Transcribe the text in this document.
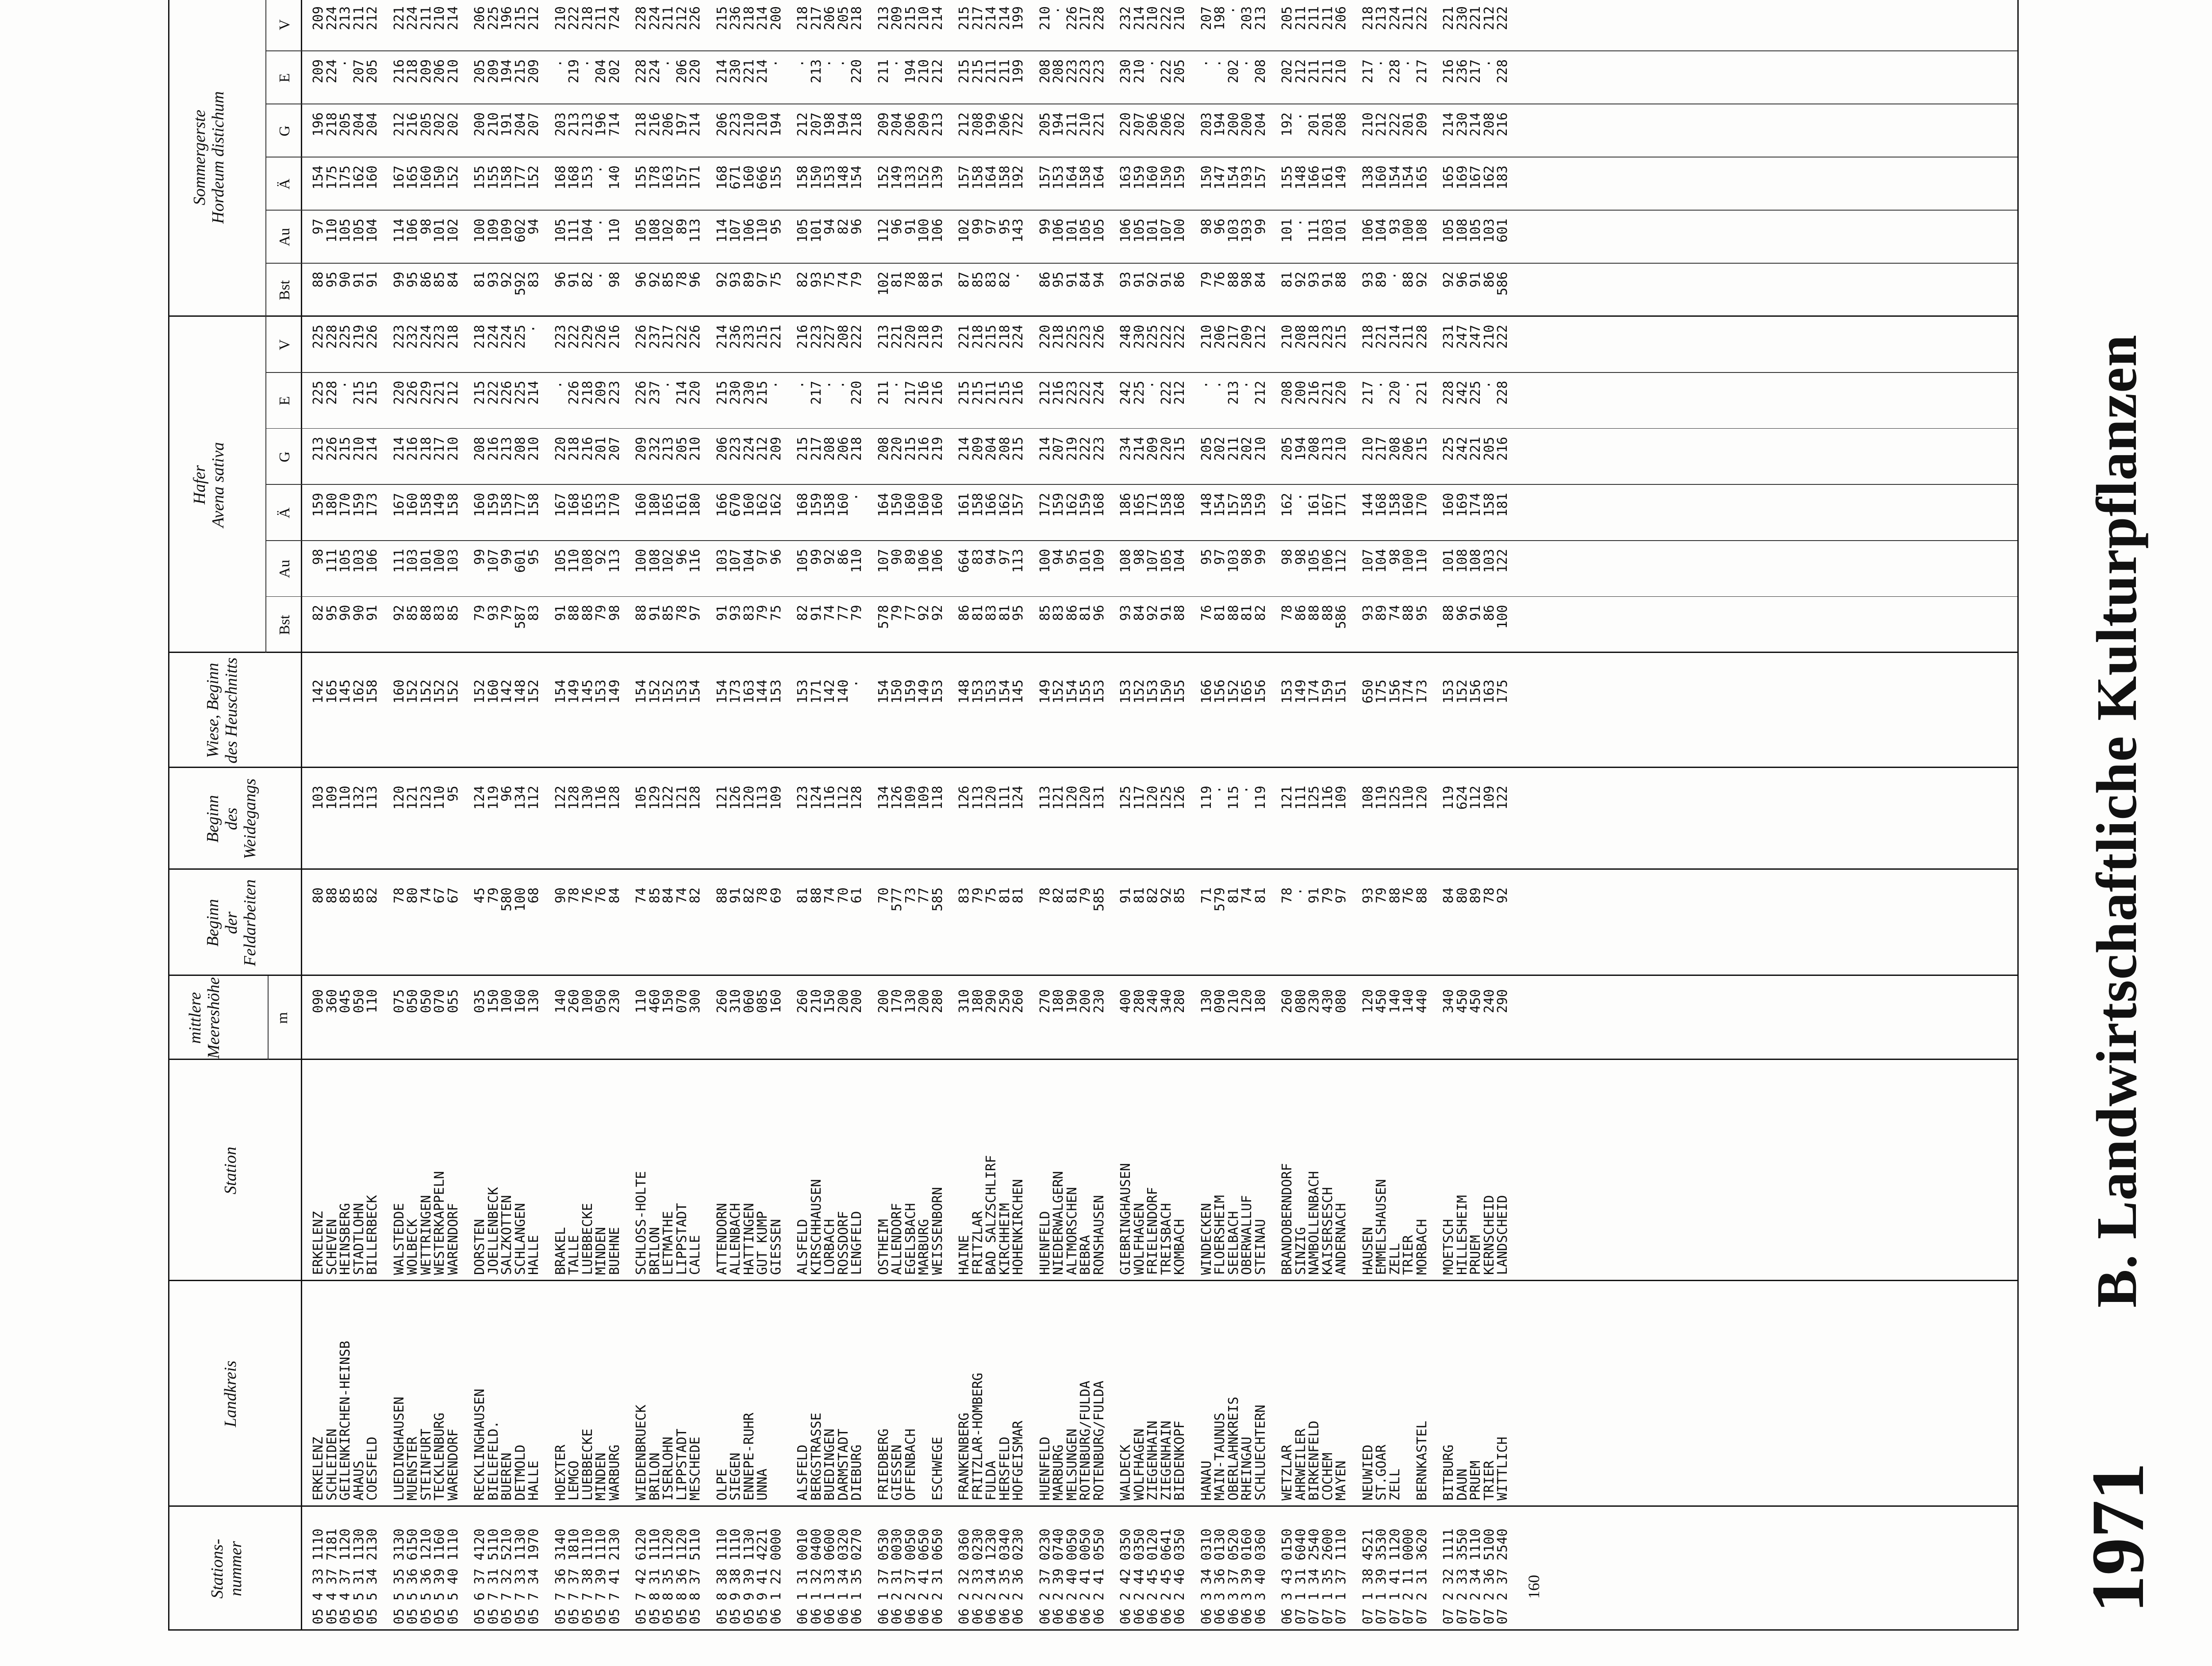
1971
B. Landwirtschaftliche Kulturpflanzen
Stations-
nummer
Landkreis
Station
mittlere
Meereshöhe	m
Beginn
der Feldarbeiten
Beginn
des Weidegangs
Wiese, Beginn
des Heuschnitts
Hafer
Avena sativa
Sommergerste
Hordeum distichum
Bst
Bst
Au
Au
Ä
Ä
G
G
E
E
V
V
05 4 33 1110
ERKELENZ
ERKELENZ
090
80
103
142
82
88
98
97
159
154
213
196
225
209
225
209
05 4 37 7181
SCHLEIDEN
SCHEVEN
360
88
109
165
95
95
111
110
180
175
226
218
228
224
228
224
05 4 37 1120
GEILENKIRCHEN-HEINSB
HEINSBERG
045
85
110
145
90
90
105
105
170
175
215
205
·
·
225
213
05 5 31 1130
AHAUS
STADTLOHN
050
85
132
162
90
91
103
105
159
162
210
204
215
207
219
211
05 5 34 2130
COESFELD
BILLERBECK
110
82
113
158
91
91
106
104
173
160
214
204
215
205
226
212
05 5 35 3130
LUEDINGHAUSEN
WALSTEDDE
075
78
120
160
92
99
111
114
167
167
214
212
220
216
223
221
05 5 36 6150
MUENSTER
WOLBECK
050
80
121
152
85
95
103
106
160
165
216
216
226
218
232
224
05 5 36 1210
STEINFURT
WETTRINGEN
050
74
123
152
88
86
101
98
158
160
218
205
229
209
224
211
05 5 39 1160
TECKLENBURG
WESTERKAPPELN
070
67
110
152
83
85
100
101
149
150
217
202
221
206
223
210
05 5 40 1110
WARENDORF
WARENDORF
055
67
95
152
85
84
103
102
158
152
210
202
212
210
218
214
05 6 37 4120
RECKLINGHAUSEN
DORSTEN
035
45
124
152
79
81
99
100
160
155
208
200
215
205
218
206
05 7 31 5110
BIELEFELD.
JOELLENBECK
150
79
119
160
93
93
107
109
159
155
216
210
222
209
224
225
05 7 32 5210
BUEREN
SALZKOTTEN
100
580
96
142
79
92
99
109
158
158
213
191
226
194
224
196
05 7 33 1130
DETMOLD
SCHLANGEN
160
100
134
148
587
592
601
602
177
177
208
204
225
215
225
215
05 7 34 1970
HALLE
HALLE
130
68
112
152
83
83
95
94
158
152
210
207
214
209
·
212
05 7 36 3140
HOEXTER
BRAKEL
140
90
122
154
91
96
105
105
167
168
220
203
·
·
223
210
05 7 37 1810
LEMGO
TALLE
260
78
128
149
88
91
110
111
168
168
218
213
226
219
222
222
05 7 38 1110
LUEBBECKE
LUEBBECKE
100
76
130
145
88
82
108
104
165
153
216
213
218
·
229
218
05 7 39 1110
MINDEN
MINDEN
050
76
116
153
79
·
92
·
153
·
201
196
209
204
226
211
05 7 41 2130
WARBURG
BUEHNE
230
84
128
149
98
98
113
110
170
140
207
714
223
202
216
724
05 7 42 6120
WIEDENBRUECK
SCHLOSS-HOLTE
110
74
105
154
88
96
100
105
160
155
209
218
226
228
226
228
05 8 31 1110
BRILON
BRILON
460
85
129
152
91
92
108
108
180
178
232
216
237
224
237
224
05 8 35 1120
ISERLOHN
LETMATHE
150
84
122
152
85
85
102
102
165
163
213
206
·
·
217
211
05 8 36 1120
LIPPSTADT
LIPPSTADT
070
74
121
153
78
78
96
89
161
157
205
197
214
206
222
212
05 8 37 5110
MESCHEDE
CALLE
300
82
128
154
97
96
116
113
180
171
210
214
220
220
226
226
05 8 38 1110
OLPE
ATTENDORN
260
88
121
154
91
92
103
114
166
168
206
206
215
214
214
215
05 9 38 1110
SIEGEN
ALLENBACH
310
91
126
173
93
93
107
107
670
671
223
223
230
230
236
236
05 9 39 1130
ENNEPE-RUHR
HATTINGEN
060
82
120
163
83
89
104
106
160
160
224
210
230
221
233
218
05 9 41 4221
UNNA
GUT KUMP
085
78
113
144
79
97
97
110
162
666
212
210
215
214
215
214
06 1 22 0000
GIESSEN
160
69
109
153
75
75
96
95
162
155
209
194
·
·
221
200
06 1 31 0010
ALSFELD
ALSFELD
260
81
123
153
82
82
105
105
168
158
215
212
·
·
216
218
06 1 32 0400
BERGSTRASSE
KIRSCHHAUSEN
210
88
124
171
91
93
99
101
159
150
217
207
217
213
223
217
06 1 33 0600
BUEDINGEN
LORBACH
150
74
116
142
74
75
92
94
158
153
208
198
·
·
227
206
06 1 34 0320
DARMSTADT
ROSSDORF
200
70
112
140
77
74
86
82
160
148
206
194
·
·
208
205
06 1 35 0270
DIEBURG
LENGFELD
200
61
128
·
79
79
110
96
·
154
218
218
220
220
222
218
06 1 37 0530
FRIEDBERG
OSTHEIM
200
70
134
154
578
102
107
112
164
152
208
209
211
211
213
213
06 2 31 0030
GIESSEN
ALLENDORF
170
577
126
150
79
81
90
96
150
149
220
204
·
·
221
209
06 2 37 0050
OFFENBACH
EGELSBACH
130
73
109
159
77
78
89
91
160
133
215
206
217
194
220
215
06 2 41 0650
MARBURG
200
77
109
149
92
88
106
100
160
152
216
209
216
210
218
210
06 2 31 0650
ESCHWEGE
WEISSENBORN
280
585
118
153
92
91
106
106
160
139
219
213
216
212
219
214
06 2 32 0360
FRANKENBERG
HAINE
310
83
126
148
86
87
664
102
161
157
214
212
215
215
221
215
06 2 33 0230
FRITZLAR-HOMBERG
FRITZLAR
180
79
113
153
81
85
83
99
158
158
209
208
215
215
218
217
06 2 34 1230
FULDA
BAD SALZSCHLIRF
290
75
120
153
83
83
94
97
166
164
204
199
211
211
215
214
06 2 35 0340
HERSFELD
KIRCHHEIM
250
81
111
154
81
82
97
95
162
158
208
206
215
211
218
214
06 2 36 0230
HOFGEISMAR
HOHENKIRCHEN
260
81
124
145
95
·
113
143
157
192
215
722
216
199
224
199
06 2 37 0230
HUENFELD
HUENFELD
270
78
113
149
85
86
100
99
172
157
214
205
212
208
220
210
06 2 39 0740
MARBURG
NIEDERWALGERN
180
82
121
152
83
95
94
106
159
153
207
194
216
208
218
·
06 2 40 0050
MELSUNGEN
ALTMORSCHEN
190
81
120
154
86
91
95
101
162
164
219
211
223
223
225
226
06 2 41 0050
ROTENBURG/FULDA
BEBRA
200
79
120
155
81
84
101
105
159
158
222
210
222
223
223
217
06 2 41 0550
ROTENBURG/FULDA
RONSHAUSEN
230
585
131
153
96
94
109
105
168
164
223
221
224
223
226
228
06 2 42 0350
WALDECK
GIEBRINGHAUSEN
400
91
125
153
93
93
108
106
186
163
234
220
242
230
248
232
06 2 44 0350
WOLFHAGEN
WOLFHAGEN
280
81
117
152
84
91
98
105
165
159
214
207
225
210
230
214
06 2 45 0120
ZIEGENHAIN
FRIELENDORF
240
82
120
153
92
92
107
101
171
160
209
206
·
·
225
210
06 2 45 0641
ZIEGENHAIN
TREISBACH
340
92
125
150
91
91
105
107
158
150
220
206
222
222
222
222
06 2 46 0350
BIEDENKOPF
KOMBACH
280
85
126
155
88
86
104
100
168
159
215
202
212
205
222
210
06 3 34 0310
HANAU
WINDECKEN
130
71
119
166
76
79
95
98
148
150
205
203
·
·
210
207
06 3 36 0130
MAIN-TAUNUS
FLOERSHEIM
090
579
·
156
81
76
97
96
154
147
202
194
·
·
206
198
06 3 37 0520
OBERLAHNKREIS
SEELBACH
210
81
115
152
88
88
103
103
157
154
211
200
213
202
217
·
06 3 39 0160
RHEINGAU
OBERWALLUF
120
74
·
165
81
98
98
193
158
193
202
200
·
·
209
203
06 3 40 0360
SCHLUECHTERN
STEINAU
180
81
119
156
82
84
99
99
159
157
210
204
212
208
212
213
06 3 43 0150
WETZLAR
BRANDOBERNDORF
260
78
121
153
78
81
98
101
162
155
205
192
208
202
210
205
07 1 31 6040
AHRWEILER
SINZIG
080
·
111
149
86
92
98
·
·
148
194
·
200
212
208
211
07 1 34 2540
BIRKENFELD
NAMBOLLENBACH
230
91
125
174
88
93
105
111
161
166
208
201
216
211
218
211
07 1 35 2600
COCHEM
KAISERSESCH
430
79
116
159
88
91
106
103
167
161
213
201
221
211
223
211
07 1 37 1110
MAYEN
ANDERNACH
080
97
109
151
586
88
112
101
171
149
210
208
220
210
215
206
07 1 38 4521
NEUWIED
HAUSEN
120
93
108
650
93
93
107
106
144
138
210
210
217
217
218
218
07 1 39 3530
ST.GOAR
EMMELSHAUSEN
450
79
119
175
89
89
104
104
168
160
217
212
·
·
221
213
07 1 41 1120
ZELL
ZELL
140
88
125
156
74
·
98
93
158
154
208
222
220
228
214
224
07 2 11 0000
TRIER
140
76
110
174
88
88
100
100
160
154
206
201
·
·
211
211
07 2 31 3620
BERNKASTEL
MORBACH
440
88
120
173
95
92
110
108
170
165
215
209
221
217
228
222
07 2 32 1111
BITBURG
MOETSCH
340
84
119
153
88
92
101
105
160
165
225
214
228
216
231
221
07 2 33 3550
DAUN
HILLESHEIM
450
80
624
152
96
96
108
108
169
169
242
230
242
236
247
230
07 2 34 1110
PRUEM
PRUEM
450
89
112
156
91
91
108
105
174
167
221
214
225
217
247
221
07 2 36 5100
TRIER
KERNSCHEID
240
78
109
163
86
86
103
103
158
162
205
208
·
·
210
212
07 2 37 2540
WITTLICH
LANDSCHEID
290
92
122
175
100
586
122
601
181
183
216
216
228
228
222
222
160
